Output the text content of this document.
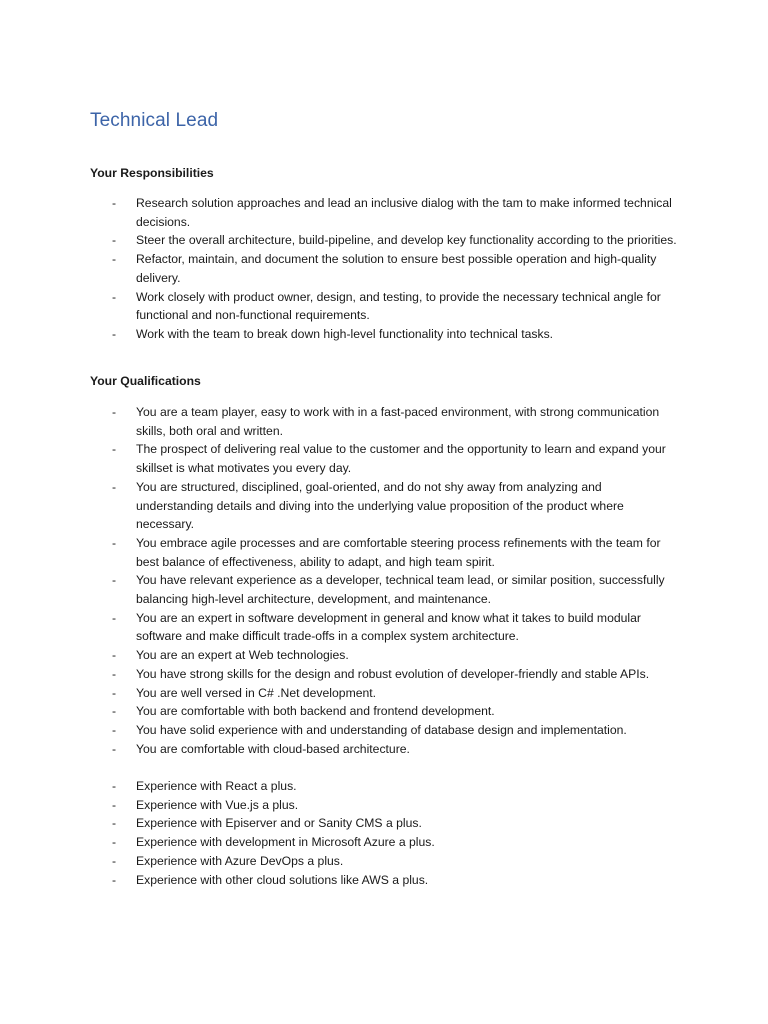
Technical Lead
Your Responsibilities
- Research solution approaches and lead an inclusive dialog with the tam to make informed technical decisions.
- Steer the overall architecture, build-pipeline, and develop key functionality according to the priorities.
- Refactor, maintain, and document the solution to ensure best possible operation and high-quality delivery.
- Work closely with product owner, design, and testing, to provide the necessary technical angle for functional and non-functional requirements.
- Work with the team to break down high-level functionality into technical tasks.
Your Qualifications
- You are a team player, easy to work with in a fast-paced environment, with strong communication skills, both oral and written.
- The prospect of delivering real value to the customer and the opportunity to learn and expand your skillset is what motivates you every day.
- You are structured, disciplined, goal-oriented, and do not shy away from analyzing and understanding details and diving into the underlying value proposition of the product where necessary.
- You embrace agile processes and are comfortable steering process refinements with the team for best balance of effectiveness, ability to adapt, and high team spirit.
- You have relevant experience as a developer, technical team lead, or similar position, successfully balancing high-level architecture, development, and maintenance.
- You are an expert in software development in general and know what it takes to build modular software and make difficult trade-offs in a complex system architecture.
- You are an expert at Web technologies.
- You have strong skills for the design and robust evolution of developer-friendly and stable APIs.
- You are well versed in C# .Net development.
- You are comfortable with both backend and frontend development.
- You have solid experience with and understanding of database design and implementation.
- You are comfortable with cloud-based architecture.
- Experience with React a plus.
- Experience with Vue.js a plus.
- Experience with Episerver and or Sanity CMS a plus.
- Experience with development in Microsoft Azure a plus.
- Experience with Azure DevOps a plus.
- Experience with other cloud solutions like AWS a plus.
